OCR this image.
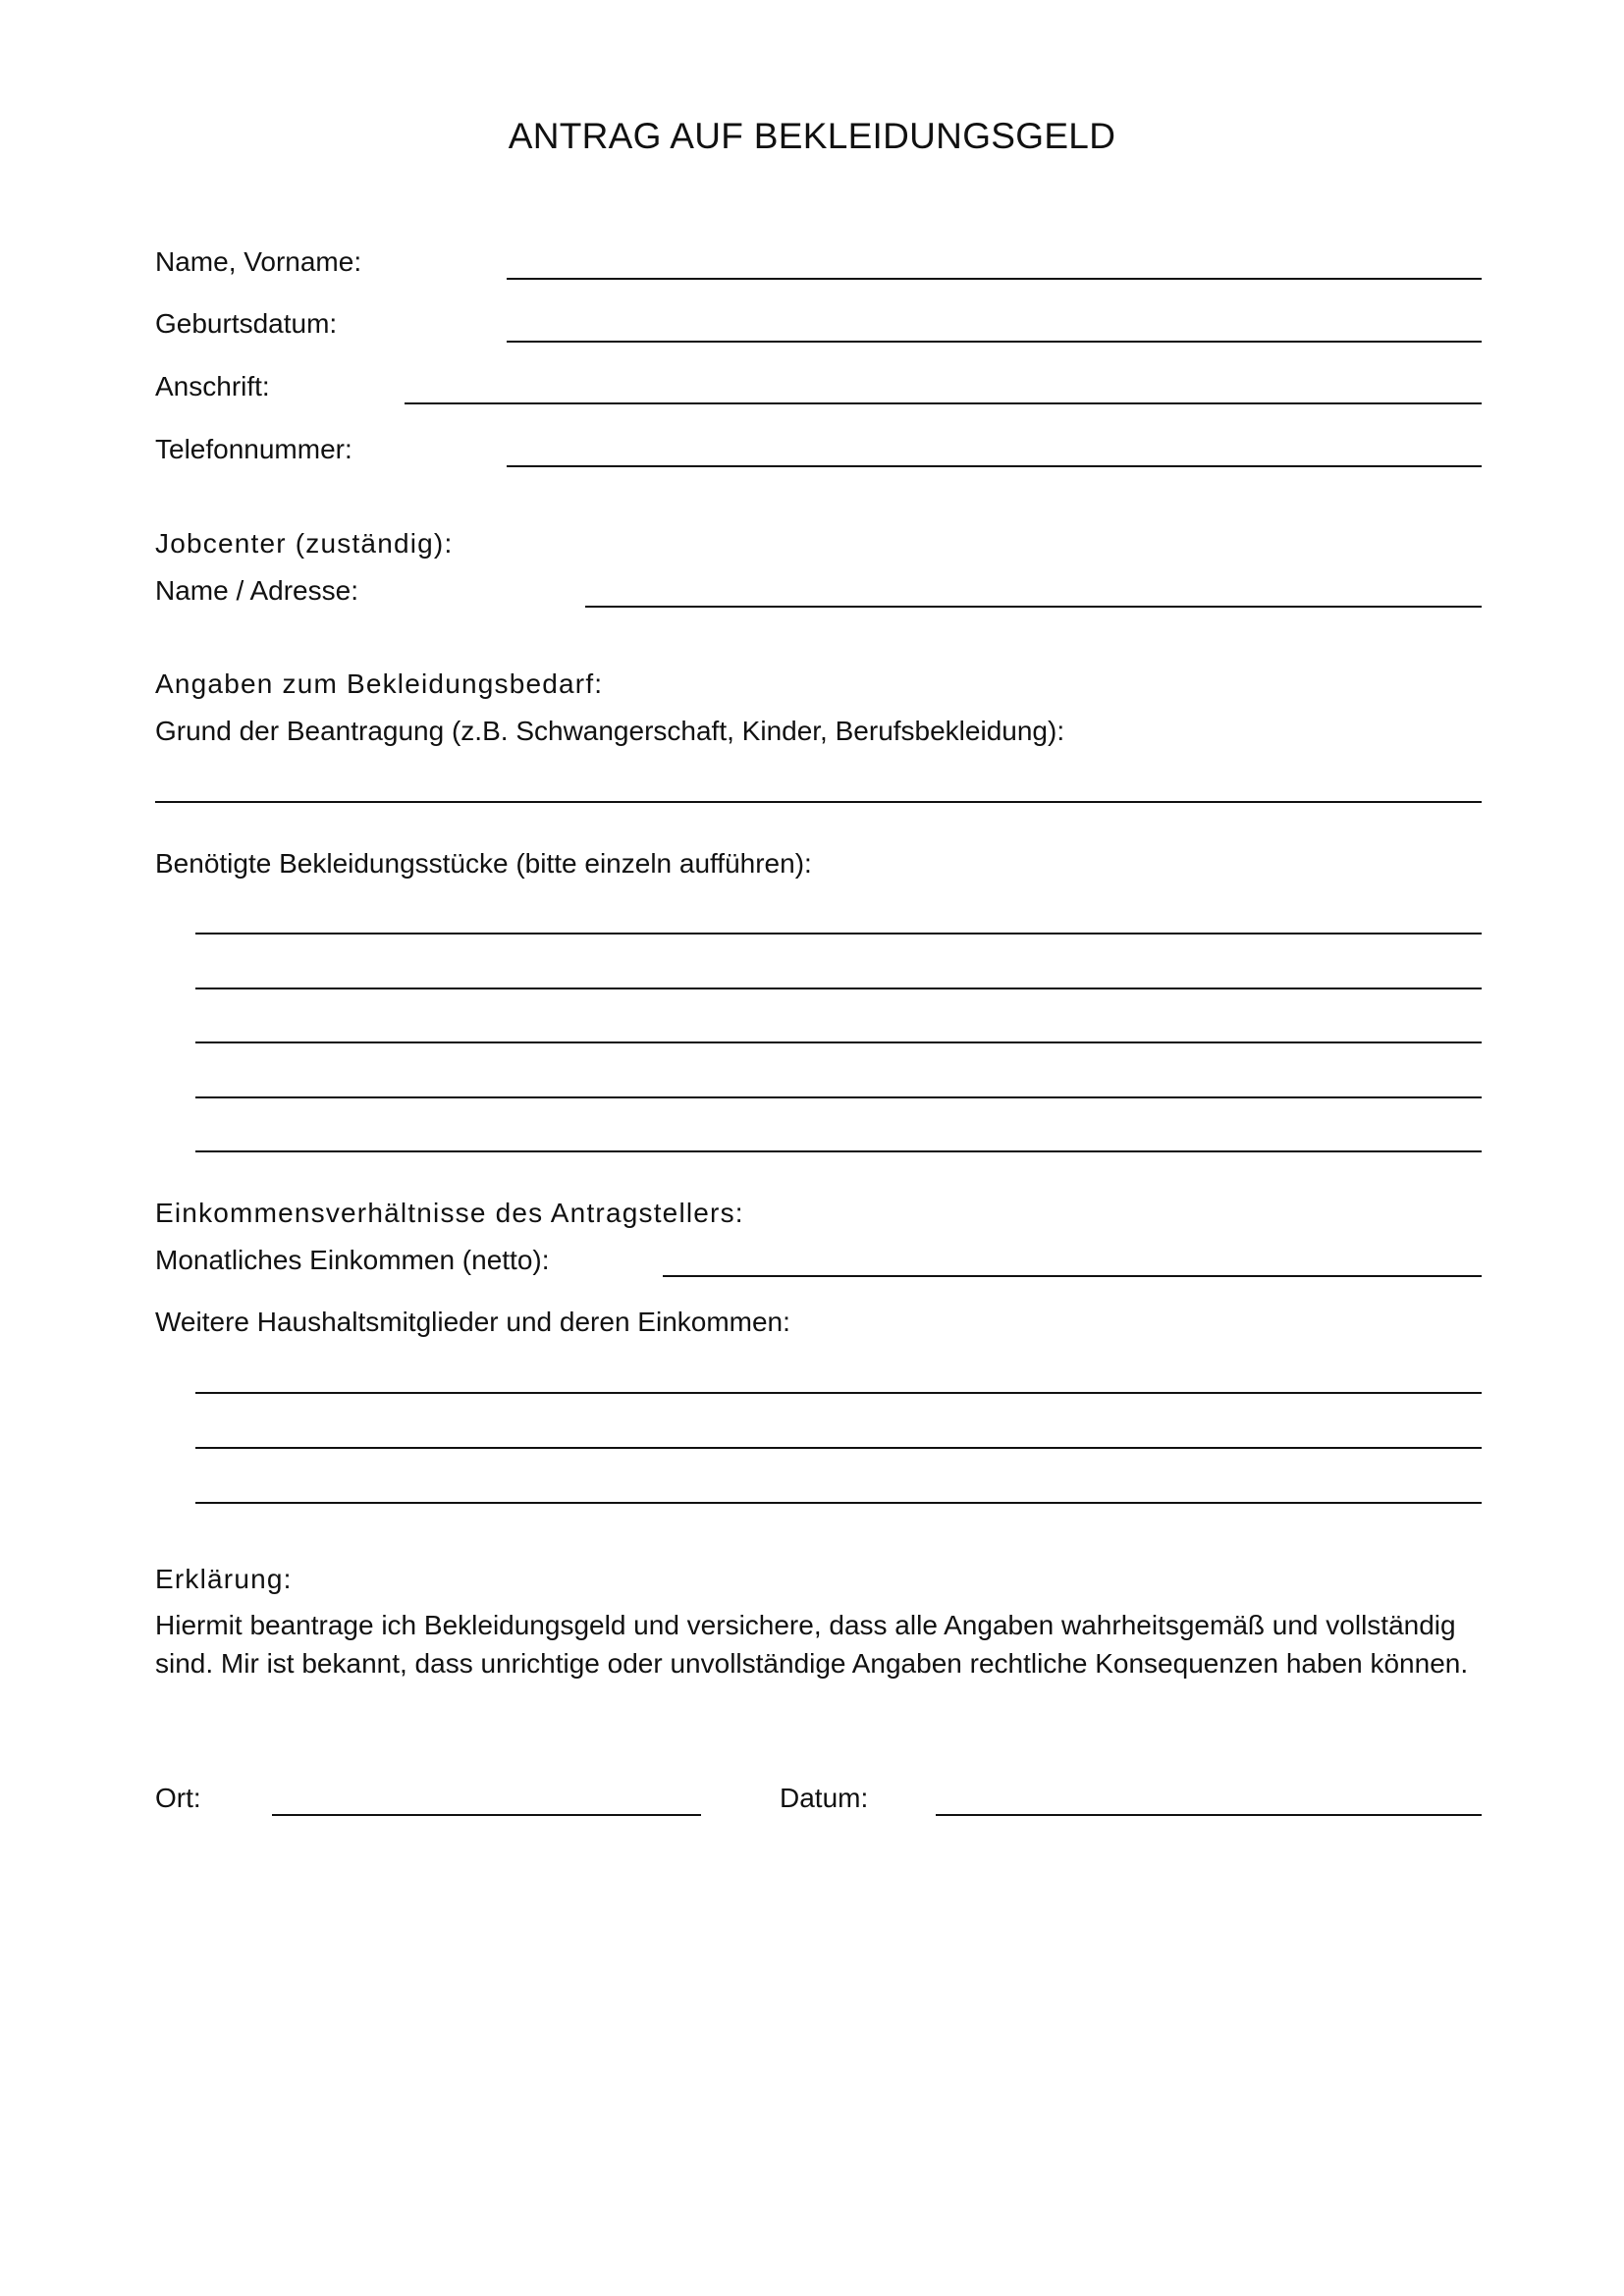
ANTRAG AUF BEKLEIDUNGSGELD
Name, Vorname:
Geburtsdatum:
Anschrift:
Telefonnummer:
Jobcenter (zuständig):
Name / Adresse:
Angaben zum Bekleidungsbedarf:
Grund der Beantragung (z.B. Schwangerschaft, Kinder, Berufsbekleidung):
Benötigte Bekleidungsstücke (bitte einzeln aufführen):
Einkommensverhältnisse des Antragstellers:
Monatliches Einkommen (netto):
Weitere Haushaltsmitglieder und deren Einkommen:
Erklärung:
Hiermit beantrage ich Bekleidungsgeld und versichere, dass alle Angaben wahrheitsgemäß und vollständig sind. Mir ist bekannt, dass unrichtige oder unvollständige Angaben rechtliche Konsequenzen haben können.
Ort:	Datum:
